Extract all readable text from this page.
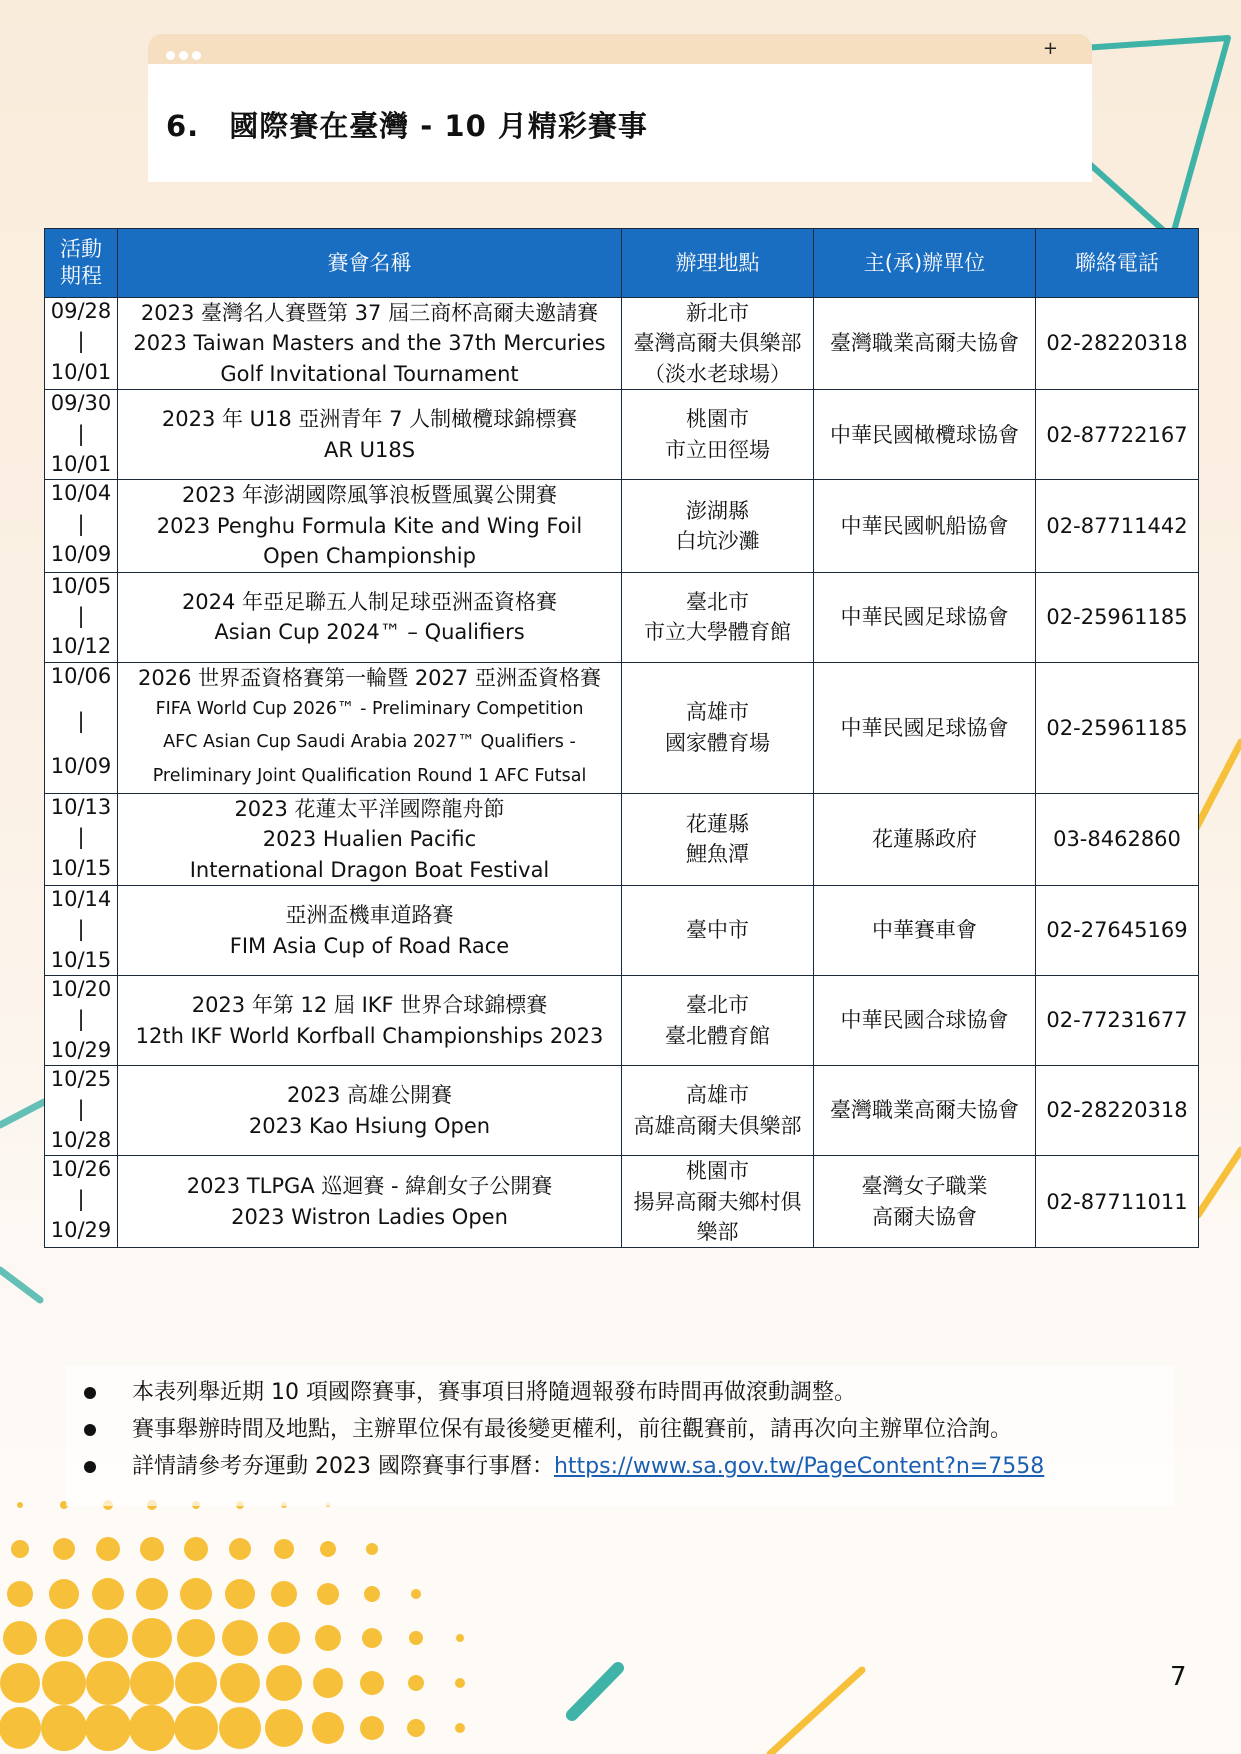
+
6.　國際賽在臺灣 - 10 月精彩賽事
活動
期程	賽會名稱	辦理地點	主(承)辦單位	聯絡電話

09/28
|
10/01	2023 臺灣名人賽暨第 37 屆三商杯高爾夫邀請賽
2023 Taiwan Masters and the 37th Mercuries
Golf Invitational Tournament	新北市
臺灣高爾夫俱樂部
（淡水老球場）	臺灣職業高爾夫協會	02-28220318

09/30
|
10/01	2023 年 U18 亞洲青年 7 人制橄欖球錦標賽
AR U18S	桃園市
市立田徑場	中華民國橄欖球協會	02-87722167

10/04
|
10/09	2023 年澎湖國際風箏浪板暨風翼公開賽
2023 Penghu Formula Kite and Wing Foil
Open Championship	澎湖縣
白坑沙灘	中華民國帆船協會	02-87711442

10/05
|
10/12	2024 年亞足聯五人制足球亞洲盃資格賽
Asian Cup 2024™ – Qualifiers	臺北市
市立大學體育館	中華民國足球協會	02-25961185

10/06
|
10/09	2026 世界盃資格賽第一輪暨 2027 亞洲盃資格賽
FIFA World Cup 2026™ - Preliminary Competition
AFC Asian Cup Saudi Arabia 2027™ Qualifiers -
Preliminary Joint Qualification Round 1 AFC Futsal	高雄市
國家體育場	中華民國足球協會	02-25961185

10/13
|
10/15	2023 花蓮太平洋國際龍舟節
2023 Hualien Pacific
International Dragon Boat Festival	花蓮縣
鯉魚潭	花蓮縣政府	03-8462860

10/14
|
10/15	亞洲盃機車道路賽
FIM Asia Cup of Road Race	臺中市	中華賽車會	02-27645169

10/20
|
10/29	2023 年第 12 屆 IKF 世界合球錦標賽
12th IKF World Korfball Championships 2023	臺北市
臺北體育館	中華民國合球協會	02-77231677

10/25
|
10/28	2023 高雄公開賽
2023 Kao Hsiung Open	高雄市
高雄高爾夫俱樂部	臺灣職業高爾夫協會	02-28220318

10/26
|
10/29	2023 TLPGA 巡迴賽 - 緯創女子公開賽
2023 Wistron Ladies Open	桃園市
揚昇高爾夫鄉村俱
樂部	臺灣女子職業
高爾夫協會	02-87711011
本表列舉近期 10 項國際賽事，賽事項目將隨週報發布時間再做滾動調整。
賽事舉辦時間及地點，主辦單位保有最後變更權利，前往觀賽前，請再次向主辦單位洽詢。
詳情請參考夯運動 2023 國際賽事行事曆：https://www.sa.gov.tw/PageContent?n=7558
7
